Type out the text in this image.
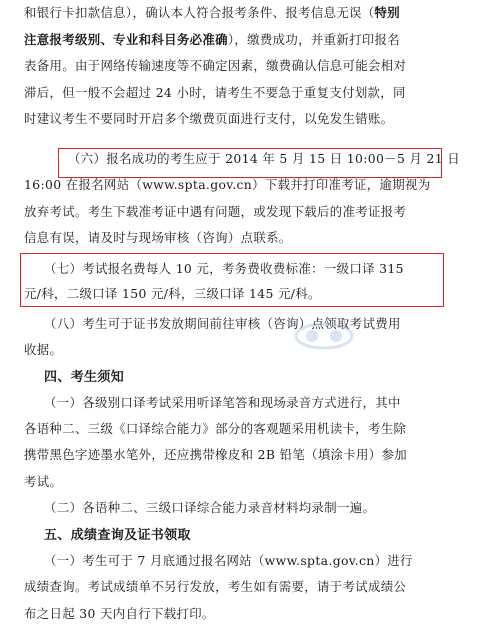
和银行卡扣款信息），确认本人符合报考条件、报考信息无误（特别
注意报考级别、专业和科目务必准确），缴费成功，并重新打印报名
表备用。由于网络传输速度等不确定因素，缴费确认信息可能会相对
滞后，但一般不会超过 24 小时，请考生不要急于重复支付划款，同
时建议考生不要同时开启多个缴费页面进行支付，以免发生错账。
（六）报名成功的考生应于 2014 年 5 月 15 日 10:00－5 月 21 日
16:00 在报名网站（www.spta.gov.cn）下载并打印准考证，逾期视为
放弃考试。考生下载准考证中遇有问题，或发现下载后的准考证报考
信息有误，请及时与现场审核（咨询）点联系。
（七）考试报名费每人 10 元，考务费收费标准：一级口译 315
元/科，二级口译 150 元/科，三级口译 145 元/科。
（八）考生可于证书发放期间前往审核（咨询）点领取考试费用
收据。
四、考生须知
（一）各级别口译考试采用听译笔答和现场录音方式进行，其中
各语种二、三级《口译综合能力》部分的客观题采用机读卡，考生除
携带黑色字迹墨水笔外，还应携带橡皮和 2B 铅笔（填涂卡用）参加
考试。
（二）各语种二、三级口译综合能力录音材料均录制一遍。
五、成绩查询及证书领取
（一）考生可于 7 月底通过报名网站（www.spta.gov.cn）进行
成绩查询。考试成绩单不另行发放，考生如有需要，请于考试成绩公
布之日起 30 天内自行下载打印。
